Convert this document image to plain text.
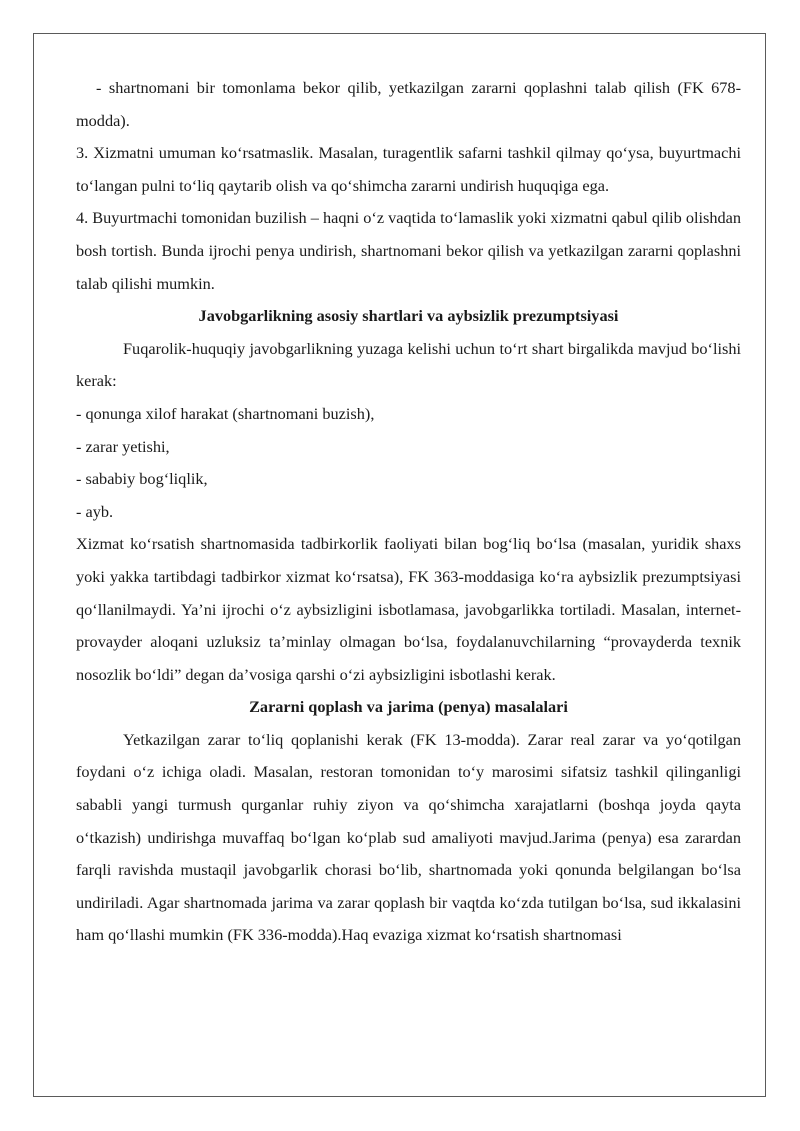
- shartnomani bir tomonlama bekor qilib, yetkazilgan zararni qoplashni talab qilish (FK 678-modda).

3. Xizmatni umuman ko‘rsatmaslik. Masalan, turagentlik safarni tashkil qilmay qo‘ysa, buyurtmachi to‘langan pulni to‘liq qaytarib olish va qo‘shimcha zararni undirish huquqiga ega.

4. Buyurtmachi tomonidan buzilish – haqni o‘z vaqtida to‘lamaslik yoki xizmatni qabul qilib olishdan bosh tortish. Bunda ijrochi penya undirish, shartnomani bekor qilish va yetkazilgan zararni qoplashni talab qilishi mumkin.

Javobgarlikning asosiy shartlari va aybsizlik prezumptsiyasi

Fuqarolik-huquqiy javobgarlikning yuzaga kelishi uchun to‘rt shart birgalikda mavjud bo‘lishi kerak:

- qonunga xilof harakat (shartnomani buzish),

- zarar yetishi,

- sababiy bog‘liqlik,

- ayb.

Xizmat ko‘rsatish shartnomasida tadbirkorlik faoliyati bilan bog‘liq bo‘lsa (masalan, yuridik shaxs yoki yakka tartibdagi tadbirkor xizmat ko‘rsatsa), FK 363-moddasiga ko‘ra aybsizlik prezumptsiyasi qo‘llanilmaydi. Ya’ni ijrochi o‘z aybsizligini isbotlamasa, javobgarlikka tortiladi. Masalan, internet-provayder aloqani uzluksiz ta’minlay olmagan bo‘lsa, foydalanuvchilarning “provayderda texnik nosozlik bo‘ldi” degan da’vosiga qarshi o‘zi aybsizligini isbotlashi kerak.

Zararni qoplash va jarima (penya) masalalari

Yetkazilgan zarar to‘liq qoplanishi kerak (FK 13-modda). Zarar real zarar va yo‘qotilgan foydani o‘z ichiga oladi. Masalan, restoran tomonidan to‘y marosimi sifatsiz tashkil qilinganligi sababli yangi turmush qurganlar ruhiy ziyon va qo‘shimcha xarajatlarni (boshqa joyda qayta o‘tkazish) undirishga muvaffaq bo‘lgan ko‘plab sud amaliyoti mavjud.Jarima (penya) esa zarardan farqli ravishda mustaqil javobgarlik chorasi bo‘lib, shartnomada yoki qonunda belgilangan bo‘lsa undiriladi. Agar shartnomada jarima va zarar qoplash bir vaqtda ko‘zda tutilgan bo‘lsa, sud ikkalasini ham qo‘llashi mumkin (FK 336-modda).Haq evaziga xizmat ko‘rsatish shartnomasi
